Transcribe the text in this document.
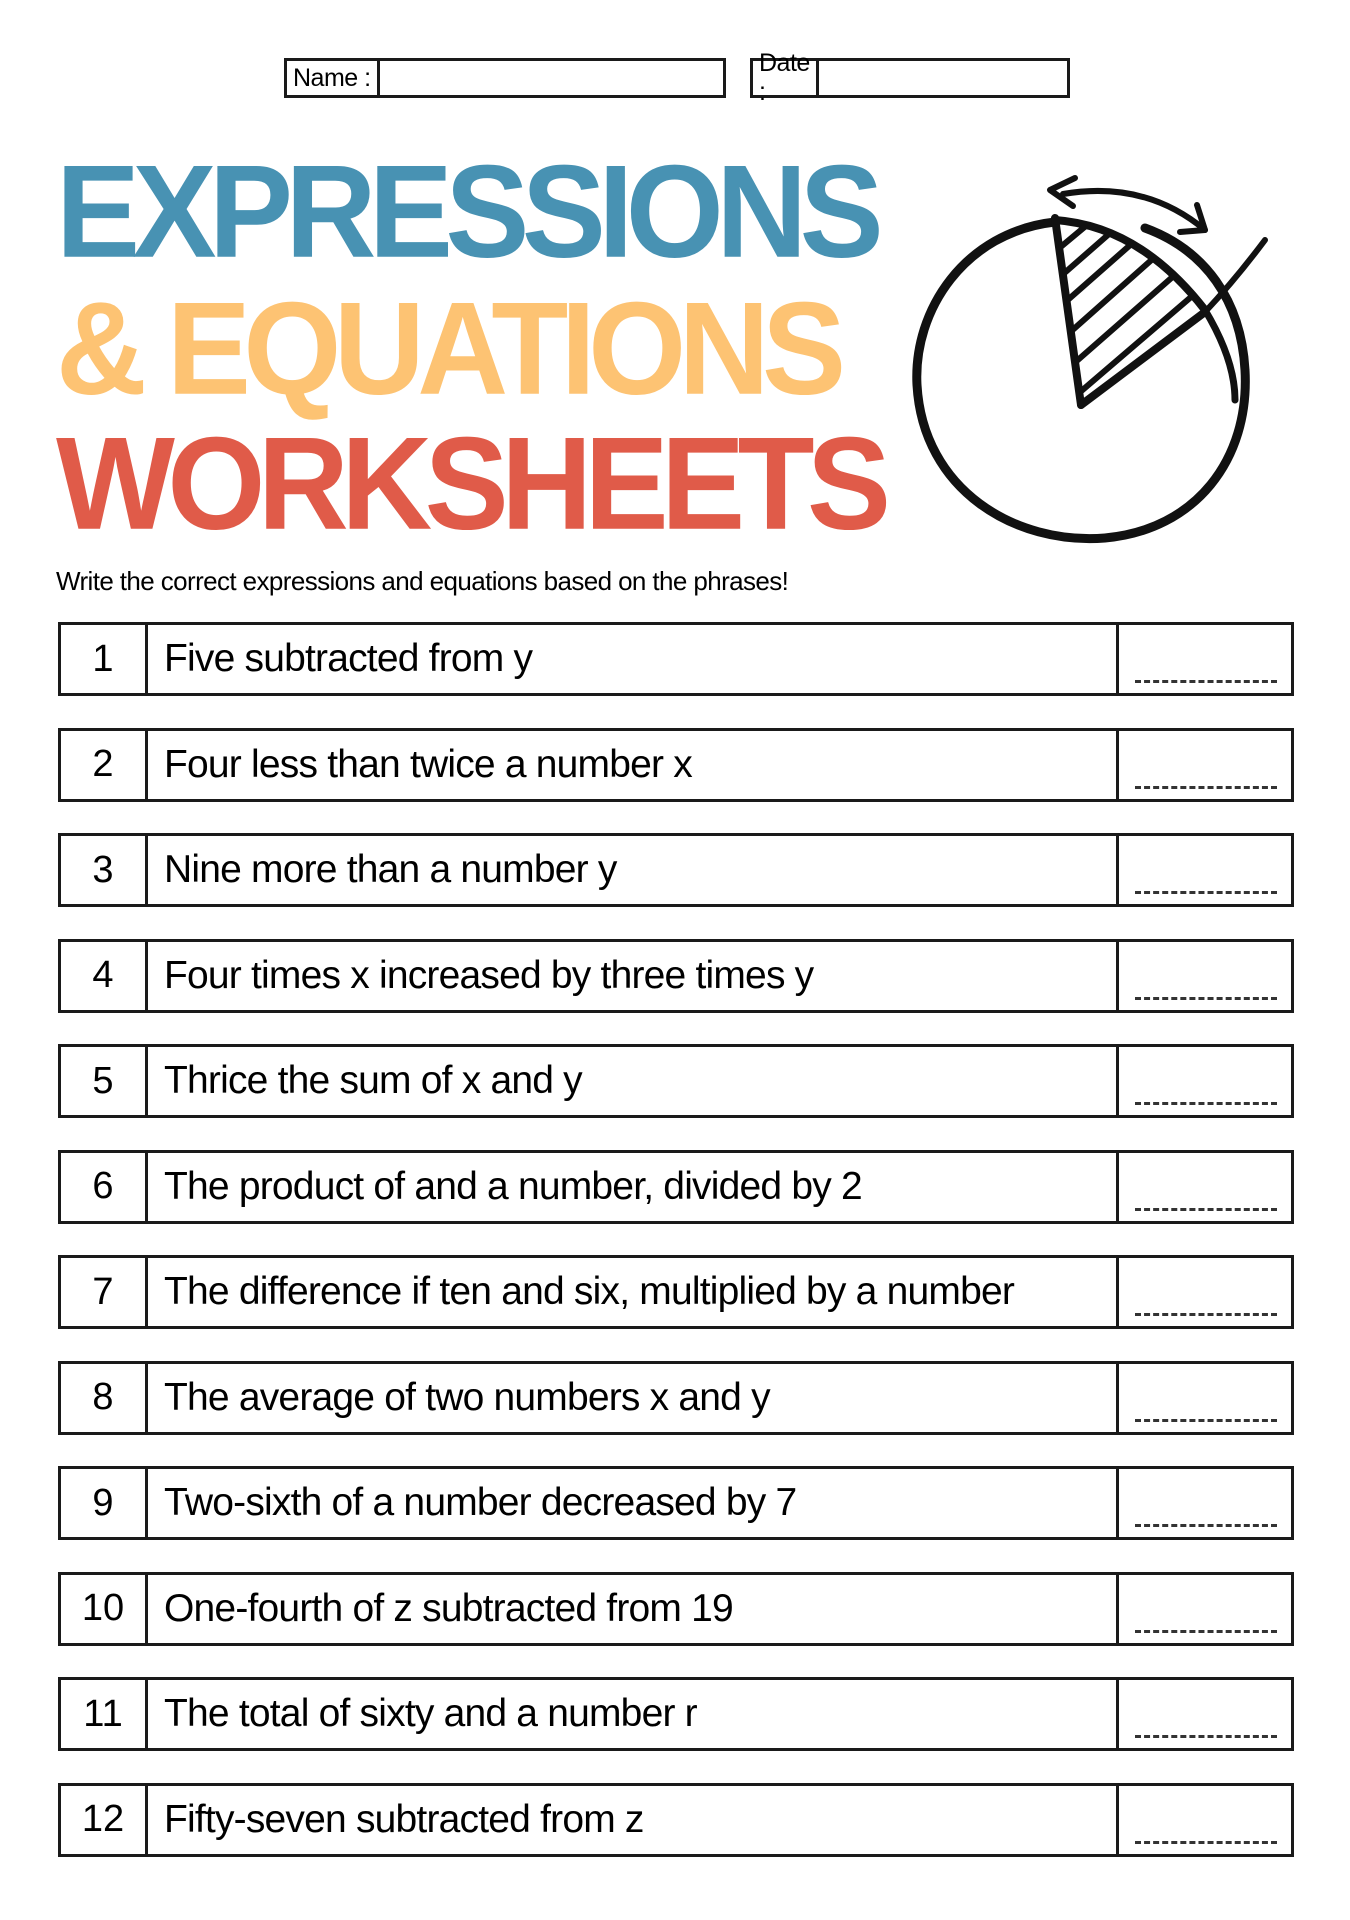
Name :
Date :
EXPRESSIONS
& EQUATIONS
WORKSHEETS

Write the correct expressions and equations based on the phrases!

1	Five subtracted from y
2	Four less than twice a number x
3	Nine more than a number y
4	Four times x increased by three times y
5	Thrice the sum of x and y
6	The product of and a number, divided by 2
7	The difference if ten and six, multiplied by a number
8	The average of two numbers x and y
9	Two-sixth of a number decreased by 7
10	One-fourth of z subtracted from 19
11	The total of sixty and a number r
12	Fifty-seven subtracted from z
